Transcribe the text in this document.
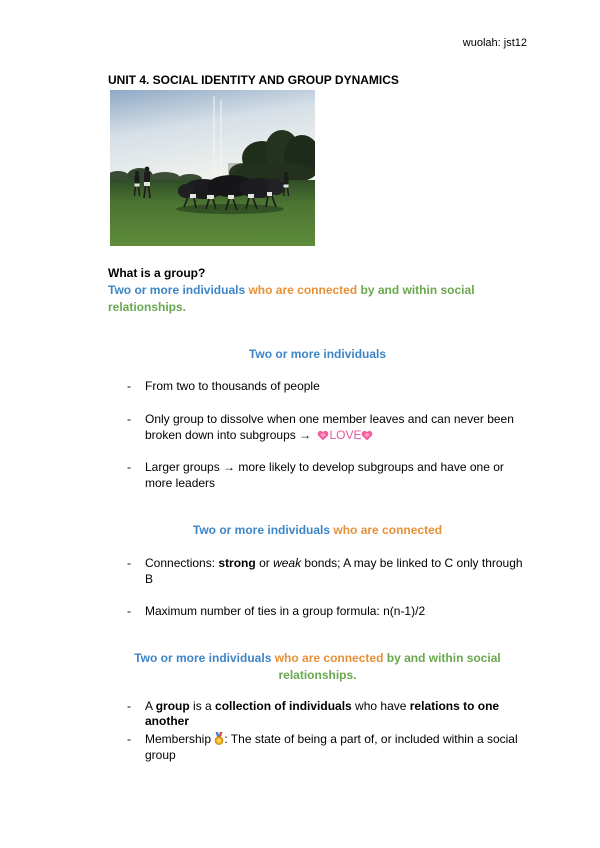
wuolah: jst12
UNIT 4. SOCIAL IDENTITY AND GROUP DYNAMICS
What is a group?
Two or more individuals who are connected by and within social
relationships.
Two or more individuals
- From two to thousands of people
- Only group to dissolve when one member leaves and can never been
broken down into subgroups →
LOVE
- Larger groups → more likely to develop subgroups and have one or
more leaders
Two or more individuals who are connected
- Connections: strong or weak bonds; A may be linked to C only through
B
- Maximum number of ties in a group formula: n(n-1)/2
Two or more individuals who are connected by and within social
relationships.
- A group is a collection of individuals who have relations to one
another
- Membership
: The state of being a part of, or included within a social
group
